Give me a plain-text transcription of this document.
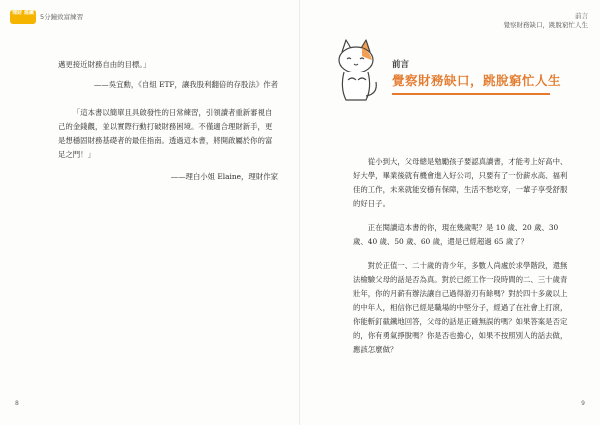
理財 通識 5分鐘致富練習

邁更接近財務自由的目標。」

——吳宜勳，《自組 ETF，讓我股利翻倍的存股法》作者

「這本書以簡單且具啟發性的日常練習，引領讀者重新審視自己的金錢觀，並以實際行動打破財務困境。不僅適合理財新手，更是想穩固財務基礎者的最佳指南。透過這本書，將開啟屬於你的富足之門！」

——理白小姐 Elaine，理財作家

8
前言
覺察財務缺口，跳脫窮忙人生
前言
覺察財務缺口，跳脫窮忙人生

從小到大，父母總是勉勵孩子要認真讀書，才能考上好高中、好大學，畢業後就有機會進入好公司，只要有了一份薪水高、福利佳的工作，未來就能安穩有保障，生活不愁吃穿，一輩子享受舒服的好日子。

正在閱讀這本書的你，現在幾歲呢？是 10 歲、20 歲、30 歲、40 歲、50 歲、60 歲，還是已經超過 65 歲了？

對於正值一、二十歲的青少年，多數人尚處於求學階段，還無法檢驗父母的話是否為真。對於已經工作一段時間的二、三十歲青壯年，你的月薪有辦法讓自己過得游刃有餘嗎？對於四十多歲以上的中年人，相信你已經是職場的中堅分子，經過了在社會上打滾，你能斬釘截鐵地回答，父母的話是正確無誤的嗎？如果答案是否定的，你有勇氣掙脫嗎？你是否也擔心，如果不按照別人的話去做，應該怎麼做？

9
